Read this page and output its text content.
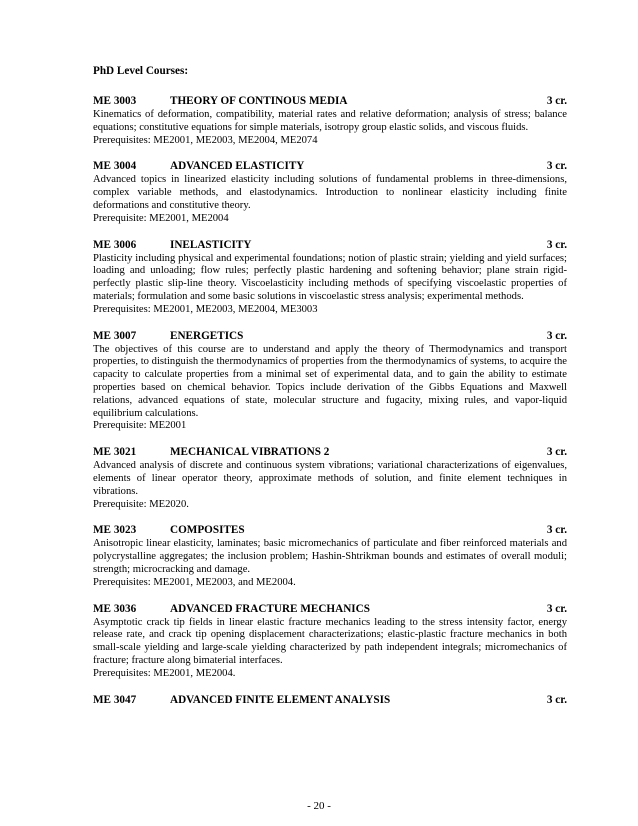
PhD Level Courses:
ME 3003	THEORY OF CONTINOUS MEDIA	3 cr.

Kinematics of deformation, compatibility, material rates and relative deformation; analysis of stress; balance equations; constitutive equations for simple materials, isotropy group elastic solids, and viscous fluids.

Prerequisites: ME2001, ME2003, ME2004, ME2074

ME 3004	ADVANCED ELASTICITY	3 cr.

Advanced topics in linearized elasticity including solutions of fundamental problems in three-dimensions, complex variable methods, and elastodynamics. Introduction to nonlinear elasticity including finite deformations and constitutive theory.

Prerequisite: ME2001, ME2004

ME 3006	INELASTICITY	3 cr.

Plasticity including physical and experimental foundations; notion of plastic strain; yielding and yield surfaces; loading and unloading; flow rules; perfectly plastic hardening and softening behavior; plane strain rigid-perfectly plastic slip-line theory. Viscoelasticity including methods of specifying viscoelastic properties of materials; formulation and some basic solutions in viscoelastic stress analysis; experimental methods.

Prerequisites: ME2001, ME2003, ME2004, ME3003

ME 3007	ENERGETICS	3 cr.

The objectives of this course are to understand and apply the theory of Thermodynamics and transport properties, to distinguish the thermodynamics of properties from the thermodynamics of systems, to acquire the capacity to calculate properties from a minimal set of experimental data, and to gain the ability to estimate properties based on chemical behavior. Topics include derivation of the Gibbs Equations and Maxwell relations, advanced equations of state, molecular structure and fugacity, mixing rules, and vapor-liquid equilibrium calculations.

Prerequisite: ME2001

ME 3021	MECHANICAL VIBRATIONS 2	3 cr.

Advanced analysis of discrete and continuous system vibrations; variational characterizations of eigenvalues, elements of linear operator theory, approximate methods of solution, and finite element techniques in vibrations.

Prerequisite: ME2020.

ME 3023	COMPOSITES	3 cr.

Anisotropic linear elasticity, laminates; basic micromechanics of particulate and fiber reinforced materials and polycrystalline aggregates; the inclusion problem; Hashin-Shtrikman bounds and estimates of overall moduli; strength; microcracking and damage.

Prerequisites: ME2001, ME2003, and ME2004.

ME 3036	ADVANCED FRACTURE MECHANICS	3 cr.

Asymptotic crack tip fields in linear elastic fracture mechanics leading to the stress intensity factor, energy release rate, and crack tip opening displacement characterizations; elastic-plastic fracture mechanics in both small-scale yielding and large-scale yielding characterized by path independent integrals; micromechanics of fracture; fracture along bimaterial interfaces.

Prerequisites: ME2001, ME2004.

ME 3047	ADVANCED FINITE ELEMENT ANALYSIS	3 cr.
- 20 -
